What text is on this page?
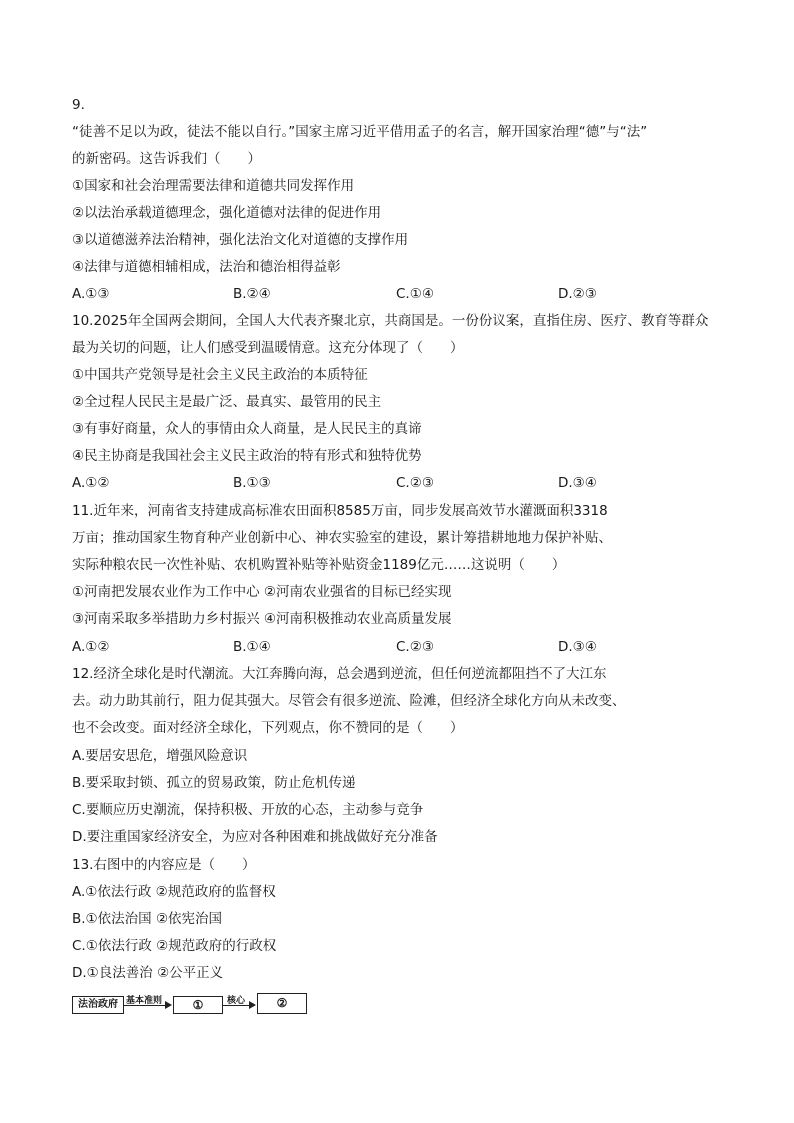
9.
“徒善不足以为政，徒法不能以自行。”国家主席习近平借用孟子的名言，解开国家治理“德”与“法”
的新密码。这告诉我们（　　）
①国家和社会治理需要法律和道德共同发挥作用
②以法治承载道德理念，强化道德对法律的促进作用
③以道德滋养法治精神，强化法治文化对道德的支撑作用
④法律与道德相辅相成，法治和德治相得益彰
A.①③	B.②④	C.①④	D.②③
10.2025年全国两会期间，全国人大代表齐聚北京，共商国是。一份份议案，直指住房、医疗、教育等群众
最为关切的问题，让人们感受到温暖情意。这充分体现了（　　）
①中国共产党领导是社会主义民主政治的本质特征
②全过程人民民主是最广泛、最真实、最管用的民主
③有事好商量，众人的事情由众人商量，是人民民主的真谛
④民主协商是我国社会主义民主政治的特有形式和独特优势
A.①②	B.①③	C.②③	D.③④
11.近年来，河南省支持建成高标准农田面积8585万亩，同步发展高效节水灌溉面积3318
万亩；推动国家生物育种产业创新中心、神农实验室的建设，累计筹措耕地地力保护补贴、
实际种粮农民一次性补贴、农机购置补贴等补贴资金1189亿元……这说明（　　）
①河南把发展农业作为工作中心 ②河南农业强省的目标已经实现
③河南采取多举措助力乡村振兴 ④河南积极推动农业高质量发展
A.①②	B.①④	C.②③	D.③④
12.经济全球化是时代潮流。大江奔腾向海，总会遇到逆流，但任何逆流都阻挡不了大江东
去。动力助其前行，阻力促其强大。尽管会有很多逆流、险滩，但经济全球化方向从未改变、
也不会改变。面对经济全球化，下列观点，你不赞同的是（　　）
A.要居安思危，增强风险意识
B.要采取封锁、孤立的贸易政策，防止危机传递
C.要顺应历史潮流，保持积极、开放的心态，主动参与竞争
D.要注重国家经济安全，为应对各种困难和挑战做好充分准备
13.右图中的内容应是（　　）
A.①依法行政 ②规范政府的监督权
B.①依法治国 ②依宪治国
C.①依法行政 ②规范政府的行政权
D.①良法善治 ②公平正义
法治政府 基本准则	①	核心	②
